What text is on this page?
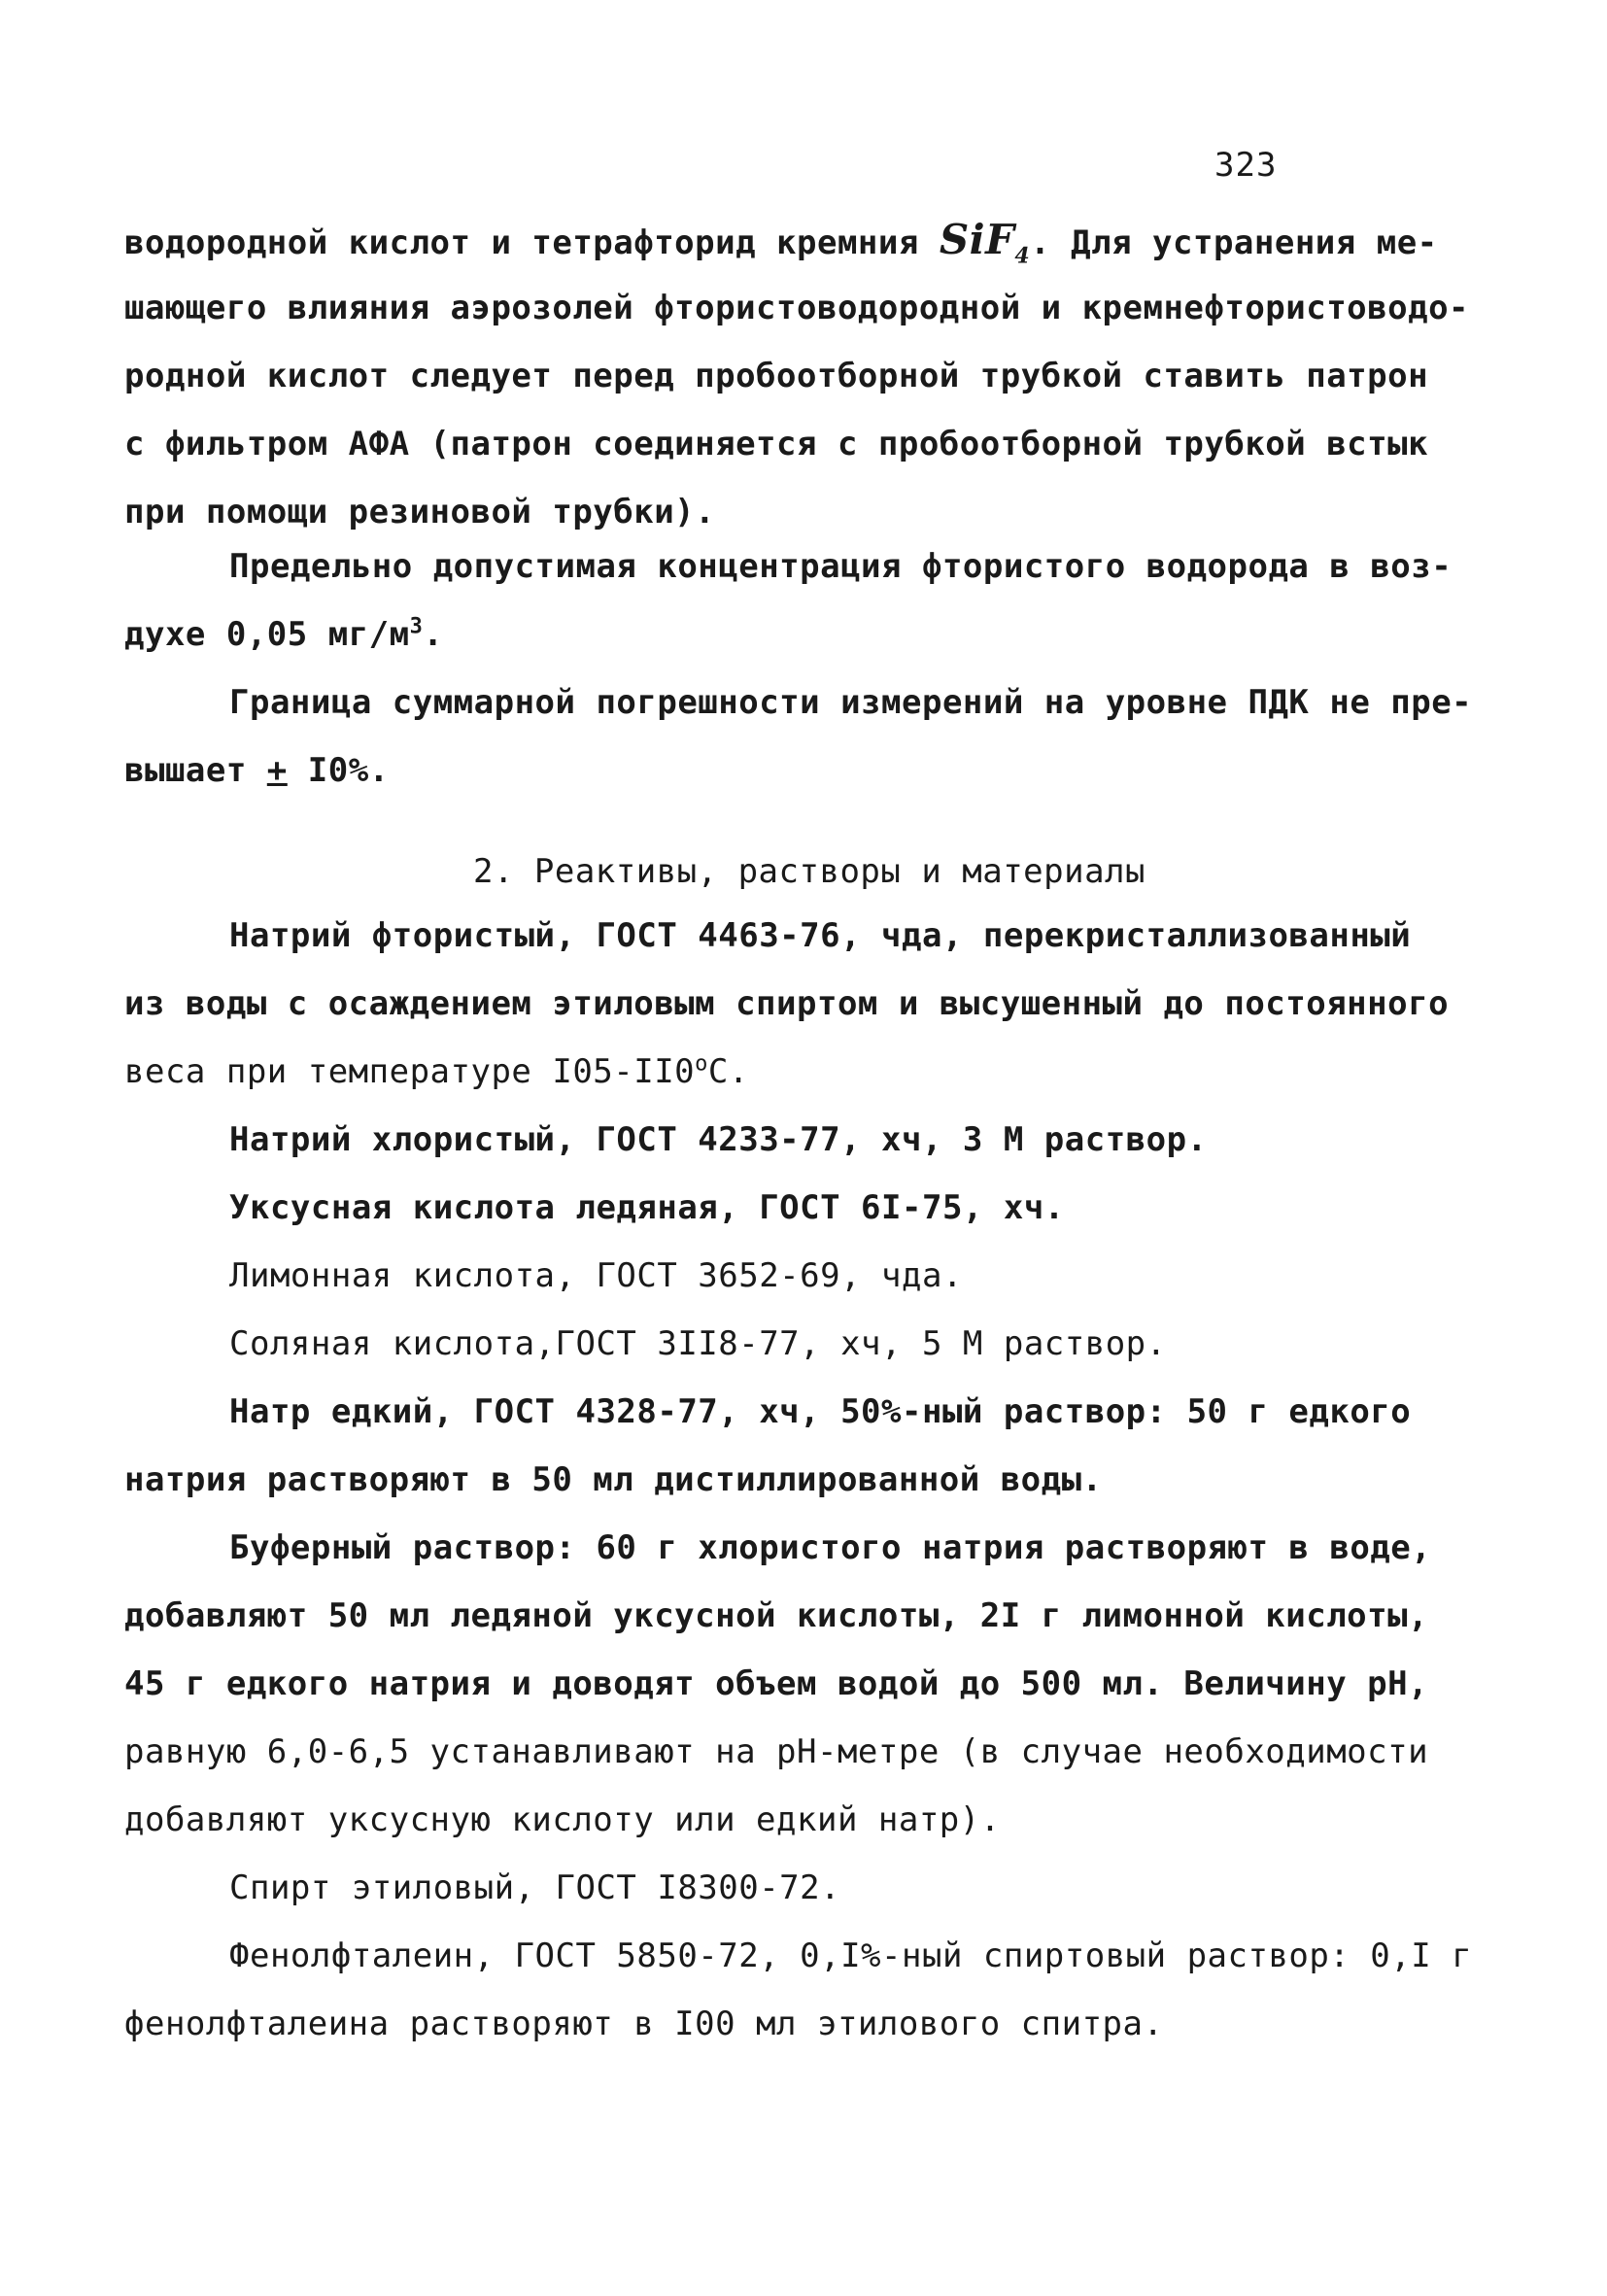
323
водородной кислот и тетрафторид кремния SiF$_4$. Для устранения ме-
шающего влияния аэрозолей фтористоводородной и кремнефтористоводо-
родной кислот следует перед пробоотборной трубкой ставить патрон
с фильтром АФА (патрон соединяется с пробоотборной трубкой встык
при помощи резиновой трубки).
Предельно допустимая концентрация фтористого водорода в воз-
духе 0,05 $мг/м^3$.
Граница суммарной погрешности измерений на уровне ПДК не пре-
вышает + I0%.
2. Реактивы, растворы и материалы
Натрий фтористый, ГОСТ 4463-76, чда, перекристаллизованный
из воды с осаждением этиловым спиртом и высушенный до постоянного
веса при температуре I05-II0$^o$С.
Натрий хлористый, ГОСТ 4233-77, хч, 3 М раствор.
Уксусная кислота ледяная, ГОСТ 6I-75, хч.
Лимонная кислота, ГОСТ 3652-69, чда.
Соляная кислота,ГОСТ 3II8-77, хч, 5 М раствор.
Натр едкий, ГОСТ 4328-77, хч, 50%-ный раствор: 50 г едкого
натрия растворяют в 50 мл дистиллированной воды.
Буферный раствор: 60 г хлористого натрия растворяют в воде,
добавляют 50 мл ледяной уксусной кислоты, 2I г лимонной кислоты,
45 г едкого натрия и доводят объем водой до 500 мл. Величину pH,
равную 6,0-6,5 устанавливают на pH-метре (в случае необходимости
добавляют уксусную кислоту или едкий натр).
Спирт этиловый, ГОСТ I8300-72.
Фенолфталеин, ГОСТ 5850-72, 0,I%-ный спиртовый раствор: 0,I г
фенолфталеина растворяют в I00 мл этилового спитра.
